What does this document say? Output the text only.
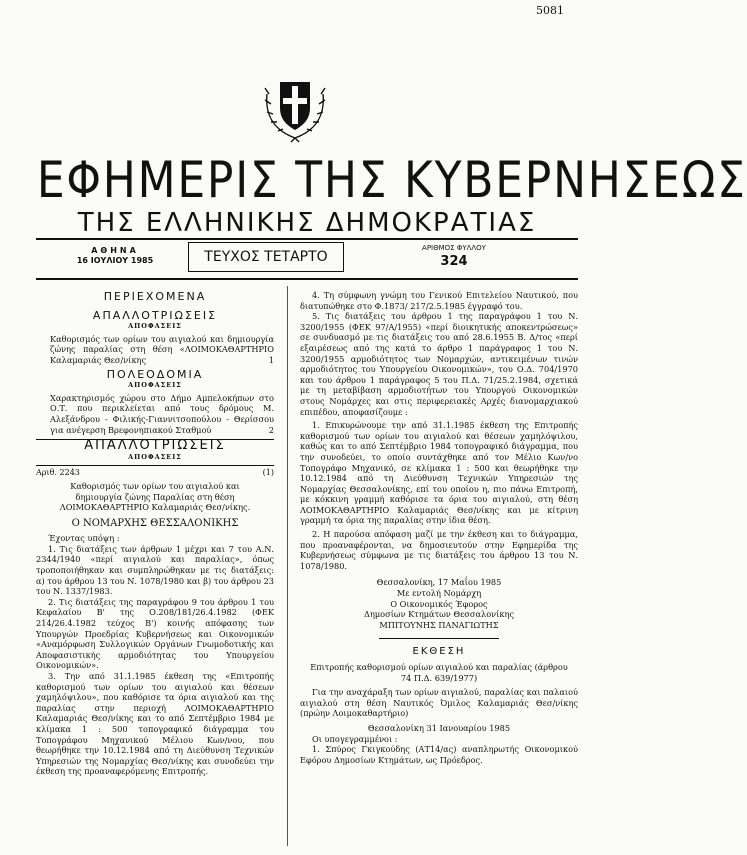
5081
ΕΦΗΜΕΡΙΣ ΤΗΣ ΚΥΒΕΡΝΗΣΕΩΣ
ΤΗΣ ΕΛΛΗΝΙΚΗΣ ΔΗΜΟΚΡΑΤΙΑΣ
ΑΘΗΝΑ
16 ΙΟΥΛΙΟΥ 1985	ΤΕΥΧΟΣ ΤΕΤΑΡΤΟ
ΑΡΙΘΜΟΣ ΦΥΛΛΟΥ
324
ΠΕΡΙΕΧΟΜΕΝΑ
ΑΠΑΛΛΟΤΡΙΩΣΕΙΣ
ΑΠΟΦΑΣΕΙΣ
Καθορισμός των ορίων του αιγιαλού και δημιουργία ζώνης παραλίας στη θέση «ΛΟΙΜΟΚΑΘΑΡΤΗΡΙΟ Καλαμαριάς Θεσ/νίκης	1
ΠΟΛΕΟΔΟΜΙΑ
ΑΠΟΦΑΣΕΙΣ
Χαρακτηρισμός χώρου στο Δήμο Αμπελοκήπων στο Ο.Τ. που περικλείεται από τους δρόμους Μ. Αλεξάνδρου - Φιλικής-Γιαννιτσοπούλου - Θερίσσου για ανέγερση Βρεφονηπιακού Σταθμού	2
ΑΠΑΛΛΟΤΡΙΩΣΕΙΣ
ΑΠΟΦΑΣΕΙΣ
Αριθ. 2243	(1)

Καθορισμός των ορίων του αιγιαλού και δημιουργία ζώνης Παραλίας στη θέση ΛΟΙΜΟΚΑΘΑΡΤΗΡΙΟ Καλαμαριάς Θεσ/νίκης.

Ο ΝΟΜΑΡΧΗΣ ΘΕΣΣΑΛΟΝΙΚΗΣ

Έχοντας υπόψη :

1. Τις διατάξεις των άρθρων 1 μέχρι και 7 του Α.Ν. 2344/1940 «περί αιγιαλού και παραλίας», όπως τροποποιήθηκαν και συμπληρώθηκαν με τις διατάξεις: α) του άρθρου 13 του Ν. 1078/1980 και β) του άρθρου 23 του Ν. 1337/1983.

2. Τις διατάξεις της παραγράφου 9 του άρθρου 1 του Κεφαλαίου Β' της Ο.208/181/26.4.1982 (ΦΕΚ 214/26.4.1982 τεύχος Β') κοινής απόφασης των Υπουργών Προεδρίας Κυβερνήσεως και Οικονομικών «Αναμόρφωση Συλλογικών Οργάνων Γνωμοδοτικής και Αποφασιστικής αρμοδιότητας του Υπουργείου Οικονομικών».

3. Την από 31.1.1985 έκθεση της «Επιτροπής καθορισμού των ορίων του αιγιαλού και θέσεων χαμηλόψιλου», που καθόρισε τα όρια αιγιαλού και της παραλίας στην περιοχή ΛΟΙΜΟΚΑΘΑΡΤΗΡΙΟ Καλαμαριάς Θεσ/νίκης και το από Σεπτέμβριο 1984 με κλίμακα 1 : 500 τοπογραφικό διάγραμμα του Τοπογράφου Μηχανικού Μέλιου Κων/νου, που θεωρήθηκε την 10.12.1984 από τη Διεύθυνση Τεχνικών Υπηρεσιών της Νομαρχίας Θεσ/νίκης και συνοδεύει την έκθεση της προαναφερόμενης Επιτροπής.

4. Τη σύμφωνη γνώμη του Γενικού Επιτελείου Ναυτικού, που διατυπώθηκε στο Φ.1873/ 217/2.5.1985 έγγραφό του.

5. Τις διατάξεις του άρθρου 1 της παραγράφου 1 του Ν. 3200/1955 (ΦΕΚ 97/Α/1955) «περί διοικητικής αποκεντρώσεως» σε συνδυασμό με τις διατάξεις του από 28.6.1955 Β. Δ/τος «περί εξαιρέσεως από της κατά το άρθρο 1 παράγραφος 1 του Ν. 3200/1955 αρμοδιότητος των Νομαρχών, αντικειμένων τινών αρμοδιότητος του Υπουργείου Οικονομικών», του Ο.Δ. 704/1970 και του άρθρου 1 παράγραφος 5 του Π.Δ. 71/25.2.1984, σχετικά με τη μεταβίβαση αρμοδιοτήτων του Υπουργού Οικονομικών στους Νομάρχες και στις περιφερειακές Αρχές διανομαρχιακού επιπέδου, αποφασίζουμε :

1. Επικυρώνουμε την από 31.1.1985 έκθεση της Επιτροπής καθορισμού των ορίων του αιγιαλού και θέσεων χαμηλόψιλου, καθώς και το από Σεπτέμβριο 1984 τοπογραφικό διάγραμμα, που την συνοδεύει, το οποίο συντάχθηκε από τον Μέλιο Κων/νο Τοπογράφο Μηχανικό, σε κλίμακα 1 : 500 και θεωρήθηκε την 10.12.1984 από τη Διεύθυνση Τεχνικών Υπηρεσιών της Νομαρχίας Θεσσαλονίκης, επί του οποίου η, πιο πάνω Επιτροπή, με κόκκινη γραμμή καθόρισε τα όρια του αιγιαλού, στη θέση ΛΟΙΜΟΚΑΘΑΡΤΗΡΙΟ Καλαμαριάς Θεσ/νίκης και με κίτρινη γραμμή τα όρια της παραλίας στην ίδια θέση.

2. Η παρούσα απόφαση μαζί με την έκθεση και το διάγραμμα, που προαναφέρονται, να δημοσιευτούν στην Εφημερίδα της Κυβερνήσεως σύμφωνα με τις διατάξεις του άρθρου 13 του Ν. 1078/1980.

Θεσσαλονίκη, 17 Μαΐου 1985
Με εντολή Νομάρχη
Ο Οικονομικός Έφορος
Δημοσίων Κτημάτων Θεσσαλονίκης
ΜΠΙΤΟΥΝΗΣ ΠΑΝΑΓΙΩΤΗΣ
ΕΚΘΕΣΗ

Επιτροπής καθορισμού ορίων αιγιαλού και παραλίας (άρθρου 74 Π.Δ. 639/1977)

Για την αναχάραξη των ορίων αιγιαλού, παραλίας και παλαιού αιγιαλού στη θέση Ναυτικός Όμιλος Καλαμαριάς Θεσ/νίκης (πρώην Λοιμοκαθαρτήριο)

Θεσσαλονίκη 31 Ιανουαρίου 1985

Οι υπογεγραμμένοι :

1. Σπύρος Γκιγκούδης (ΑΤ14/ας) αναπληρωτής Οικονομικού Εφόρου Δημοσίων Κτημάτων, ως Πρόεδρος.
